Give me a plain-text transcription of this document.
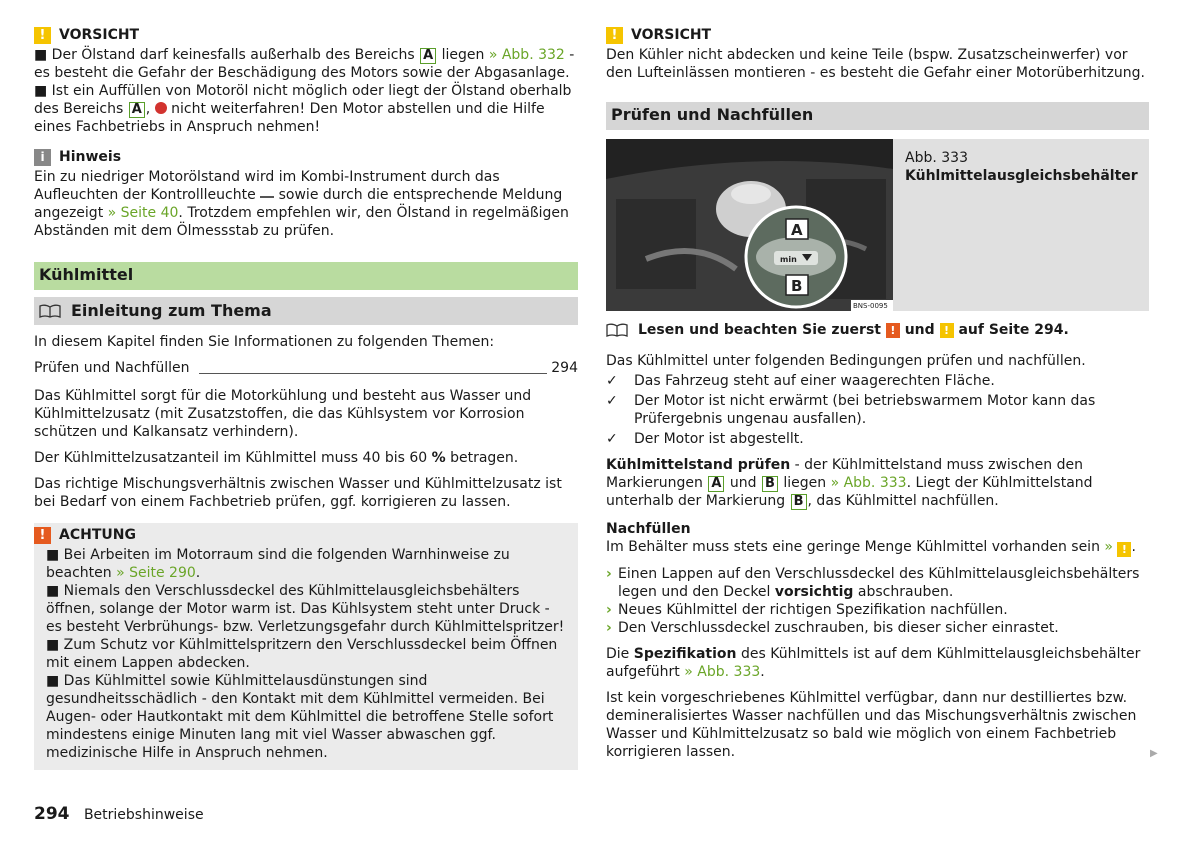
! VORSICHT

■ Der Ölstand darf keinesfalls außerhalb des Bereichs A liegen » Abb. 332 - es besteht die Gefahr der Beschädigung des Motors sowie der Abgasanlage.

■ Ist ein Auffüllen von Motoröl nicht möglich oder liegt der Ölstand oberhalb des Bereichs A , nicht weiterfahren! Den Motor abstellen und die Hilfe eines Fachbetriebs in Anspruch nehmen!

i	Hinweis

Ein zu niedriger Motorölstand wird im Kombi-Instrument durch das Aufleuchten der Kontrollleuchte sowie durch die entsprechende Meldung angezeigt » Seite 40. Trotzdem empfehlen wir, den Ölstand in regelmäßigen Abständen mit dem Ölmessstab zu prüfen.

Kühlmittel
Einleitung zum Thema

In diesem Kapitel finden Sie Informationen zu folgenden Themen:

Prüfen und Nachfüllen	294

Das Kühlmittel sorgt für die Motorkühlung und besteht aus Wasser und Kühlmittelzusatz (mit Zusatzstoffen, die das Kühlsystem vor Korrosion schützen und Kalkansatz verhindern).

Der Kühlmittelzusatzanteil im Kühlmittel muss 40 bis 60 % betragen.

Das richtige Mischungsverhältnis zwischen Wasser und Kühlmittelzusatz ist bei Bedarf von einem Fachbetrieb prüfen, ggf. korrigieren zu lassen.

! ACHTUNG

■ Bei Arbeiten im Motorraum sind die folgenden Warnhinweise zu beachten » Seite 290.

■ Niemals den Verschlussdeckel des Kühlmittelausgleichsbehälters öffnen, solange der Motor warm ist. Das Kühlsystem steht unter Druck - es besteht Verbrühungs- bzw. Verletzungsgefahr durch Kühlmittelspritzer!

■ Zum Schutz vor Kühlmittelspritzern den Verschlussdeckel beim Öffnen mit einem Lappen abdecken.

■ Das Kühlmittel sowie Kühlmittelausdünstungen sind gesundheitsschädlich - den Kontakt mit dem Kühlmittel vermeiden. Bei Augen- oder Hautkontakt mit dem Kühlmittel die betroffene Stelle sofort mindestens einige Minuten lang mit viel Wasser abwaschen ggf. medizinische Hilfe in Anspruch nehmen.

! VORSICHT

Den Kühler nicht abdecken und keine Teile (bspw. Zusatzscheinwerfer) vor den Lufteinlässen montieren - es besteht die Gefahr einer Motorüberhitzung.

Prüfen und Nachfüllen
min
A
B
BNS-0095

Abb. 333

Kühlmittelausgleichsbehälter

Lesen und beachten Sie zuerst
!
und
!
auf Seite 294.

Das Kühlmittel unter folgenden Bedingungen prüfen und nachfüllen.

✓	Das Fahrzeug steht auf einer waagerechten Fläche.
✓	Der Motor ist nicht erwärmt (bei betriebswarmem Motor kann das Prüfergebnis ungenau ausfallen).
✓	Der Motor ist abgestellt.

Kühlmittelstand prüfen - der Kühlmittelstand muss zwischen den Markierungen A und B liegen » Abb. 333. Liegt der Kühlmittelstand unterhalb der Markierung B , das Kühlmittel nachfüllen.

Nachfüllen

Im Behälter muss stets eine geringe Menge Kühlmittel vorhanden sein » ! .

› Einen Lappen auf den Verschlussdeckel des Kühlmittelausgleichsbehälters legen und den Deckel vorsichtig abschrauben.
› Neues Kühlmittel der richtigen Spezifikation nachfüllen.
› Den Verschlussdeckel zuschrauben, bis dieser sicher einrastet.

Die Spezifikation des Kühlmittels ist auf dem Kühlmittelausgleichsbehälter aufgeführt » Abb. 333.

Ist kein vorgeschriebenes Kühlmittel verfügbar, dann nur destilliertes bzw. demineralisiertes Wasser nachfüllen und das Mischungsverhältnis zwischen Wasser und Kühlmittelzusatz so bald wie möglich von einem Fachbetrieb korrigieren lassen.	▶
294 Betriebshinweise
